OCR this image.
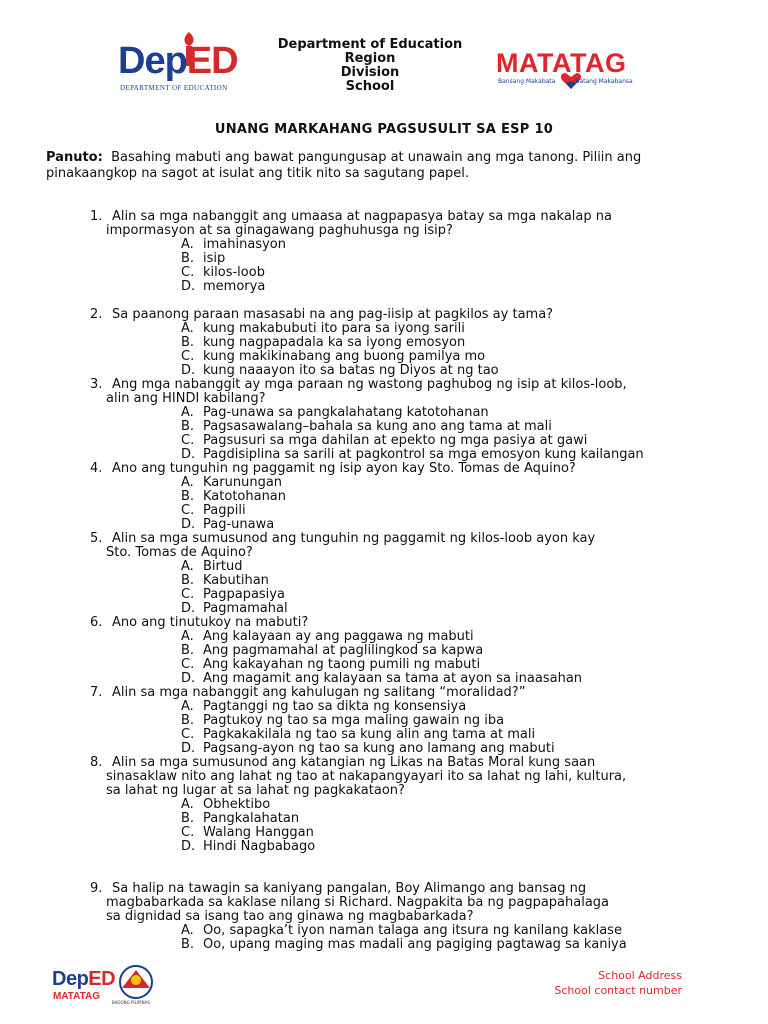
DepED
DEPARTMENT OF EDUCATION
Department of Education
Region
Division
School
MATATAG
Bansang Makabata	Batang Makabansa
UNANG MARKAHANG PAGSUSULIT SA ESP 10
Panuto: Basahing mabuti ang bawat pangungusap at unawain ang mga tanong. Piliin ang pinakaangkop na sagot at isulat ang titik nito sa sagutang papel.
1. Alin sa mga nabanggit ang umaasa at nagpapasya batay sa mga nakalap na
impormasyon at sa ginagawang paghuhusga ng isip?
A. imahinasyon
B. isip
C. kilos-loob
D. memorya
2. Sa paanong paraan masasabi na ang pag-iisip at pagkilos ay tama?
A. kung makabubuti ito para sa iyong sarili
B. kung nagpapadala ka sa iyong emosyon
C. kung makikinabang ang buong pamilya mo
D. kung naaayon ito sa batas ng Diyos at ng tao
3. Ang mga nabanggit ay mga paraan ng wastong paghubog ng isip at kilos-loob,
alin ang HINDI kabilang?
A. Pag-unawa sa pangkalahatang katotohanan
B. Pagsasawalang–bahala sa kung ano ang tama at mali
C. Pagsusuri sa mga dahilan at epekto ng mga pasiya at gawi
D. Pagdisiplina sa sarili at pagkontrol sa mga emosyon kung kailangan
4. Ano ang tunguhin ng paggamit ng isip ayon kay Sto. Tomas de Aquino?
A. Karunungan
B. Katotohanan
C. Pagpili
D. Pag-unawa
5. Alin sa mga sumusunod ang tunguhin ng paggamit ng kilos-loob ayon kay
Sto. Tomas de Aquino?
A. Birtud
B. Kabutihan
C. Pagpapasiya
D. Pagmamahal
6. Ano ang tinutukoy na mabuti?
A. Ang kalayaan ay ang paggawa ng mabuti
B. Ang pagmamahal at paglilingkod sa kapwa
C. Ang kakayahan ng taong pumili ng mabuti
D. Ang magamit ang kalayaan sa tama at ayon sa inaasahan
7. Alin sa mga nabanggit ang kahulugan ng salitang “moralidad?”
A. Pagtanggi ng tao sa dikta ng konsensiya
B. Pagtukoy ng tao sa mga maling gawain ng iba
C. Pagkakakilala ng tao sa kung alin ang tama at mali
D. Pagsang-ayon ng tao sa kung ano lamang ang mabuti
8. Alin sa mga sumusunod ang katangian ng Likas na Batas Moral kung saan
sinasaklaw nito ang lahat ng tao at nakapangyayari ito sa lahat ng lahi, kultura,
sa lahat ng lugar at sa lahat ng pagkakataon?
A. Obhektibo
B. Pangkalahatan
C. Walang Hanggan
D. Hindi Nagbabago
9. Sa halip na tawagin sa kaniyang pangalan, Boy Alimango ang bansag ng
magbabarkada sa kaklase nilang si Richard. Nagpakita ba ng pagpapahalaga
sa dignidad sa isang tao ang ginawa ng magbabarkada?
A. Oo, sapagka’t iyon naman talaga ang itsura ng kanilang kaklase
B. Oo, upang maging mas madali ang pagiging pagtawag sa kaniya
DepED
MATATAG
BAGONG PILIPINAS
School Address
School contact number
